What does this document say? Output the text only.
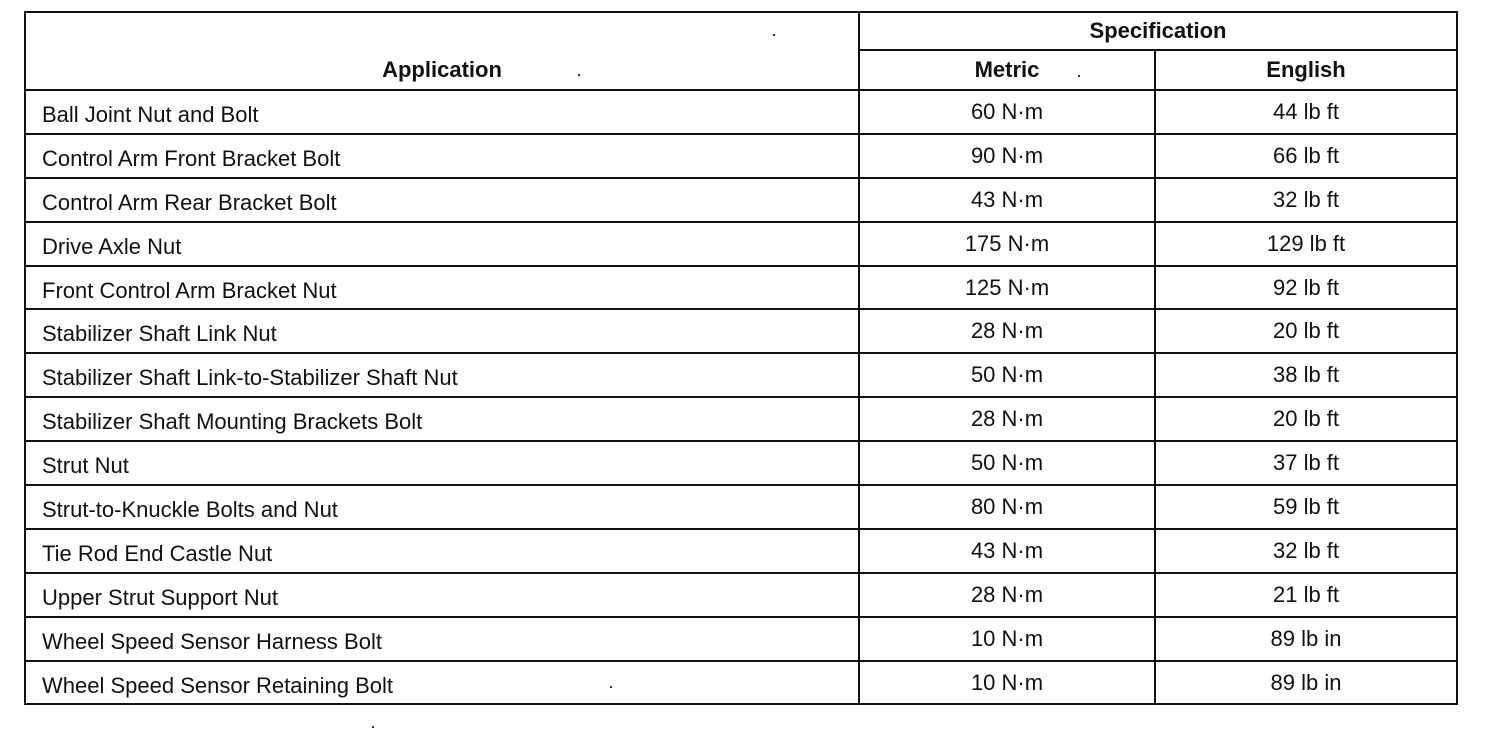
Application	Specification	
	Metric	English
Ball Joint Nut and Bolt	60 N·m	44 lb ft
Control Arm Front Bracket Bolt	90 N·m	66 lb ft
Control Arm Rear Bracket Bolt	43 N·m	32 lb ft
Drive Axle Nut	175 N·m	129 lb ft
Front Control Arm Bracket Nut	125 N·m	92 lb ft
Stabilizer Shaft Link Nut	28 N·m	20 lb ft
Stabilizer Shaft Link-to-Stabilizer Shaft Nut	50 N·m	38 lb ft
Stabilizer Shaft Mounting Brackets Bolt	28 N·m	20 lb ft
Strut Nut	50 N·m	37 lb ft
Strut-to-Knuckle Bolts and Nut	80 N·m	59 lb ft
Tie Rod End Castle Nut	43 N·m	32 lb ft
Upper Strut Support Nut	28 N·m	21 lb ft
Wheel Speed Sensor Harness Bolt	10 N·m	89 lb in
Wheel Speed Sensor Retaining Bolt	10 N·m	89 lb in
